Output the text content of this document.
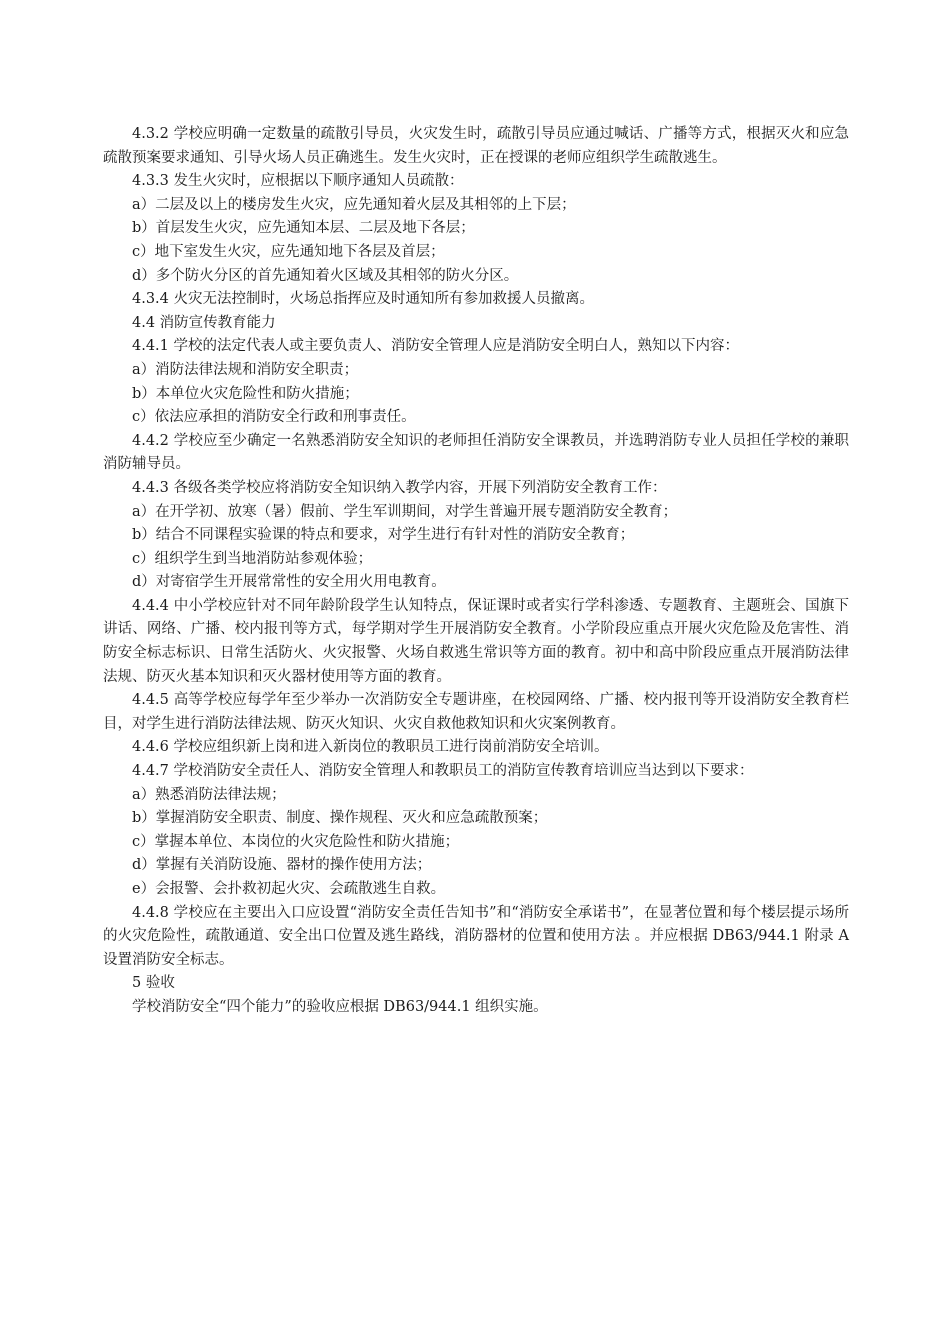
4.3.2 学校应明确一定数量的疏散引导员，火灾发生时，疏散引导员应通过喊话、广播等方式，根据灭火和应急疏散预案要求通知、引导火场人员正确逃生。发生火灾时，正在授课的老师应组织学生疏散逃生。

4.3.3 发生火灾时，应根据以下顺序通知人员疏散：

a）二层及以上的楼房发生火灾，应先通知着火层及其相邻的上下层；

b）首层发生火灾，应先通知本层、二层及地下各层；

c）地下室发生火灾，应先通知地下各层及首层；

d）多个防火分区的首先通知着火区域及其相邻的防火分区。

4.3.4 火灾无法控制时，火场总指挥应及时通知所有参加救援人员撤离。

4.4 消防宣传教育能力

4.4.1 学校的法定代表人或主要负责人、消防安全管理人应是消防安全明白人，熟知以下内容：

a）消防法律法规和消防安全职责；

b）本单位火灾危险性和防火措施；

c）依法应承担的消防安全行政和刑事责任。

4.4.2 学校应至少确定一名熟悉消防安全知识的老师担任消防安全课教员，并选聘消防专业人员担任学校的兼职消防辅导员。

4.4.3 各级各类学校应将消防安全知识纳入教学内容，开展下列消防安全教育工作：

a）在开学初、放寒（暑）假前、学生军训期间，对学生普遍开展专题消防安全教育；

b）结合不同课程实验课的特点和要求，对学生进行有针对性的消防安全教育；

c）组织学生到当地消防站参观体验；

d）对寄宿学生开展常常性的安全用火用电教育。

4.4.4 中小学校应针对不同年龄阶段学生认知特点，保证课时或者实行学科渗透、专题教育、主题班会、国旗下讲话、网络、广播、校内报刊等方式，每学期对学生开展消防安全教育。小学阶段应重点开展火灾危险及危害性、消防安全标志标识、日常生活防火、火灾报警、火场自救逃生常识等方面的教育。初中和高中阶段应重点开展消防法律法规、防灭火基本知识和灭火器材使用等方面的教育。

4.4.5 高等学校应每学年至少举办一次消防安全专题讲座，在校园网络、广播、校内报刊等开设消防安全教育栏目，对学生进行消防法律法规、防灭火知识、火灾自救他救知识和火灾案例教育。

4.4.6 学校应组织新上岗和进入新岗位的教职员工进行岗前消防安全培训。

4.4.7 学校消防安全责任人、消防安全管理人和教职员工的消防宣传教育培训应当达到以下要求：

a）熟悉消防法律法规；

b）掌握消防安全职责、制度、操作规程、灭火和应急疏散预案；

c）掌握本单位、本岗位的火灾危险性和防火措施；

d）掌握有关消防设施、器材的操作使用方法；

e）会报警、会扑救初起火灾、会疏散逃生自救。

4.4.8 学校应在主要出入口应设置“消防安全责任告知书”和“消防安全承诺书”，在显著位置和每个楼层提示场所的火灾危险性，疏散通道、安全出口位置及逃生路线，消防器材的位置和使用方法 。并应根据 DB63/944.1 附录 A 设置消防安全标志。

5 验收

学校消防安全“四个能力”的验收应根据 DB63/944.1 组织实施。
